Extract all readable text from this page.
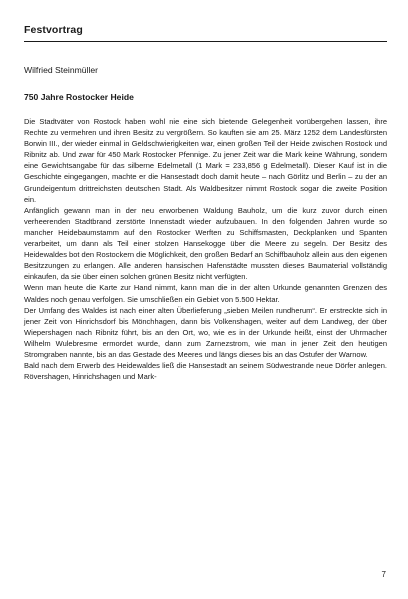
Festvortrag
Wilfried Steinmüller
750 Jahre Rostocker Heide

Die Stadtväter von Rostock haben wohl nie eine sich bietende Gelegenheit vorübergehen lassen, ihre Rechte zu vermehren und ihren Besitz zu vergrößern. So kauften sie am 25. März 1252 dem Landesfürsten Borwin III., der wieder einmal in Geldschwierigkeiten war, einen großen Teil der Heide zwischen Rostock und Ribnitz ab. Und zwar für 450 Mark Rostocker Pfennige. Zu jener Zeit war die Mark keine Währung, sondern eine Gewichtsangabe für das silberne Edelmetall (1 Mark = 233,856 g Edelmetall). Dieser Kauf ist in die Geschichte eingegangen, machte er die Hansestadt doch damit heute – nach Görlitz und Berlin – zu der an Grundeigentum drittreichsten deutschen Stadt. Als Waldbesitzer nimmt Rostock sogar die zweite Position ein.

Anfänglich gewann man in der neu erworbenen Waldung Bauholz, um die kurz zuvor durch einen verheerenden Stadtbrand zerstörte Innenstadt wieder aufzubauen. In den folgenden Jahren wurde so mancher Heidebaumstamm auf den Rostocker Werften zu Schiffsmasten, Deckplanken und Spanten verarbeitet, um dann als Teil einer stolzen Hansekogge über die Meere zu segeln. Der Besitz des Heidewaldes bot den Rostockern die Möglichkeit, den großen Bedarf an Schiffbauholz allein aus den eigenen Besitzzungen zu erlangen. Alle anderen hansischen Hafenstädte mussten dieses Baumaterial vollständig einkaufen, da sie über einen solchen grünen Besitz nicht verfügten.

Wenn man heute die Karte zur Hand nimmt, kann man die in der alten Urkunde genannten Grenzen des Waldes noch genau verfolgen. Sie umschließen ein Gebiet von 5.500 Hektar.

Der Umfang des Waldes ist nach einer alten Überlieferung „sieben Meilen rundherum“. Er erstreckte sich in jener Zeit von Hinrichsdorf bis Mönchhagen, dann bis Volkenshagen, weiter auf dem Landweg, der über Wiepershagen nach Ribnitz führt, bis an den Ort, wo, wie es in der Urkunde heißt, einst der Uhrmacher Wilhelm Wulebresme ermordet wurde, dann zum Zarnezstrom, wie man in jener Zeit den heutigen Stromgraben nannte, bis an das Gestade des Meeres und längs dieses bis an das Ostufer der Warnow.

Bald nach dem Erwerb des Heidewaldes ließ die Hansestadt an seinem Südwestrande neue Dörfer anlegen. Rövershagen, Hinrichshagen und Mark-

7
